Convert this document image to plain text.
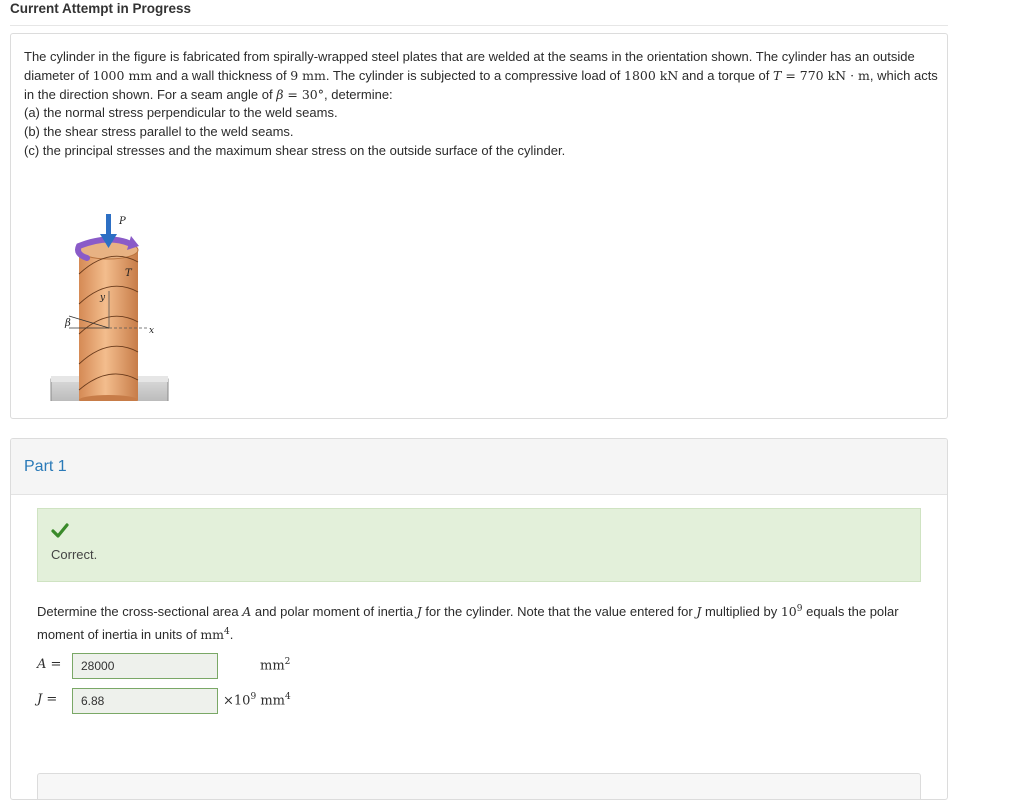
Current Attempt in Progress

The cylinder in the figure is fabricated from spirally-wrapped steel plates that are welded at the seams in the orientation shown. The cylinder has an outside diameter of 1000 mm and a wall thickness of 9 mm. The cylinder is subjected to a compressive load of 1800 kN and a torque of T = 770 kN · m, which acts in the direction shown. For a seam angle of β = 30°, determine:

(a) the normal stress perpendicular to the weld seams.

(b) the shear stress parallel to the weld seams.

(c) the principal stresses and the maximum shear stress on the outside surface of the cylinder.

P
T
y
x
β
Part 1
Correct.
Determine the cross-sectional area A and polar moment of inertia J for the cylinder. Note that the value entered for J multiplied by $10^9$ equals the polar moment of inertia in units of $mm^4$.
A =
28000	$mm^2$
J =
6.88	$\times 10^9$ $mm^4$
